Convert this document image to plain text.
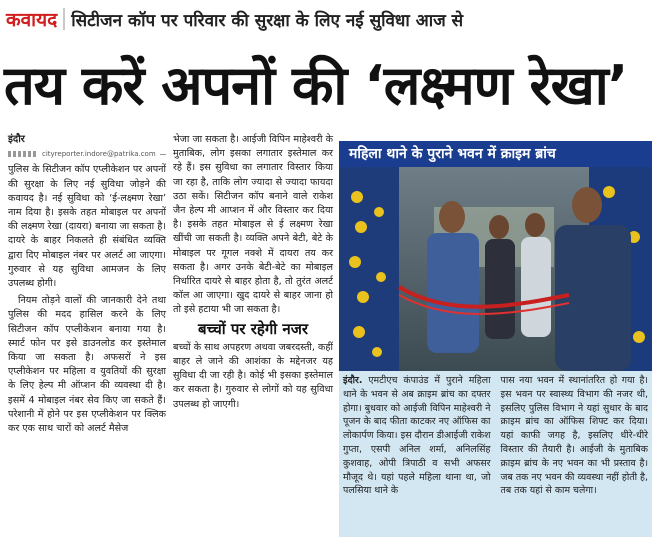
कवायद सिटीजन कॉप पर परिवार की सुरक्षा के लिए नई सुविधा आज से
तय करें अपनों की ‘लक्ष्मण रेखा’
इंदौर
cityreporter.indore@patrika.com

पुलिस के सिटीजन कॉप एप्लीकेशन पर अपनों की सुरक्षा के लिए नई सुविधा जोड़ने की कवायद है। नई सुविधा को ‘ई-लक्ष्मण रेखा’ नाम दिया है। इसके तहत मोबाइल पर अपनों की लक्ष्मण रेखा (दायरा) बनाया जा सकता है। दायरे के बाहर निकलते ही संबंधित व्यक्ति द्वारा दिए मोबाइल नंबर पर अलर्ट आ जाएगा। गुरुवार से यह सुविधा आमजन के लिए उपलब्ध होगी।

नियम तोड़ने वालों की जानकारी देने तथा पुलिस की मदद हासिल करने के लिए सिटीजन कॉप एप्लीकेशन बनाया गया है। स्मार्ट फोन पर इसे डाउनलोड कर इस्तेमाल किया जा सकता है। अफसरों ने इस एप्लीकेशन पर महिला व युवतियों की सुरक्षा के लिए हेल्प मी ऑप्शन की व्यवस्था दी है। इसमें 4 मोबाइल नंबर सेव किए जा सकते हैं। परेशानी में होने पर इस एप्लीकेशन पर क्लिक कर एक साथ चारों को अलर्ट मैसेज

भेजा जा सकता है। आईजी विपिन माहेश्वरी के मुताबिक, लोग इसका लगातार इस्तेमाल कर रहे हैं। इस सुविधा का लगातार विस्तार किया जा रहा है, ताकि लोग ज्यादा से ज्यादा फायदा उठा सकें। सिटीजन कॉप बनाने वाले राकेश जैन हेल्प मी आप्शन में और विस्तार कर दिया है। इसके तहत मोबाइल से ई लक्ष्मण रेखा खींची जा सकती है। व्यक्ति अपने बेटी, बेटे के मोबाइल पर गूगल नक्शे में दायरा तय कर सकता है। अगर उनके बेटी-बेटे का मोबाइल निर्धारित दायरे से बाहर होता है, तो तुरंत अलर्ट कॉल आ जाएगा। खुद दायरे से बाहर जाना हो तो इसे हटाया भी जा सकता है।

बच्चों पर रहेगी नजर

बच्चों के साथ अपहरण अथवा जबरदस्ती, कहीं बाहर ले जाने की आशंका के मद्देनजर यह सुविधा दी जा रही है। कोई भी इसका इस्तेमाल कर सकता है। गुरुवार से लोगों को यह सुविधा उपलब्ध हो जाएगी।

महिला थाने के पुराने भवन में क्राइम ब्रांच
इंदौर. एमटीएच कंपाउंड में पुराने महिला थाने के भवन से अब क्राइम ब्रांच का दफ्तर होगा। बुधवार को आईजी विपिन माहेश्वरी ने पूजन के बाद फीता काटकर नए ऑफिस का लोकार्पण किया। इस दौरान डीआईजी राकेश गुप्ता, एसपी अनिल शर्मा, अनिलसिंह कुशवाह, ओपी त्रिपाठी व सभी अफसर मौजूद थे। यहां पहले महिला थाना था, जो पलसिया थाने के
पास नया भवन में स्थानांतरित हो गया है। इस भवन पर स्वास्थ्य विभाग की नजर थी, इसलिए पुलिस विभाग ने यहां सुधार के बाद क्राइम ब्रांच का ऑफिस शिफ्ट कर दिया। यहां काफी जगह है, इसलिए धीरे-धीरे विस्तार की तैयारी है। आईजी के मुताबिक क्राइम ब्रांच के नए भवन का भी प्रस्ताव है। जब तक नए भवन की व्यवस्था नहीं होती है, तब तक यहां से काम चलेगा।
